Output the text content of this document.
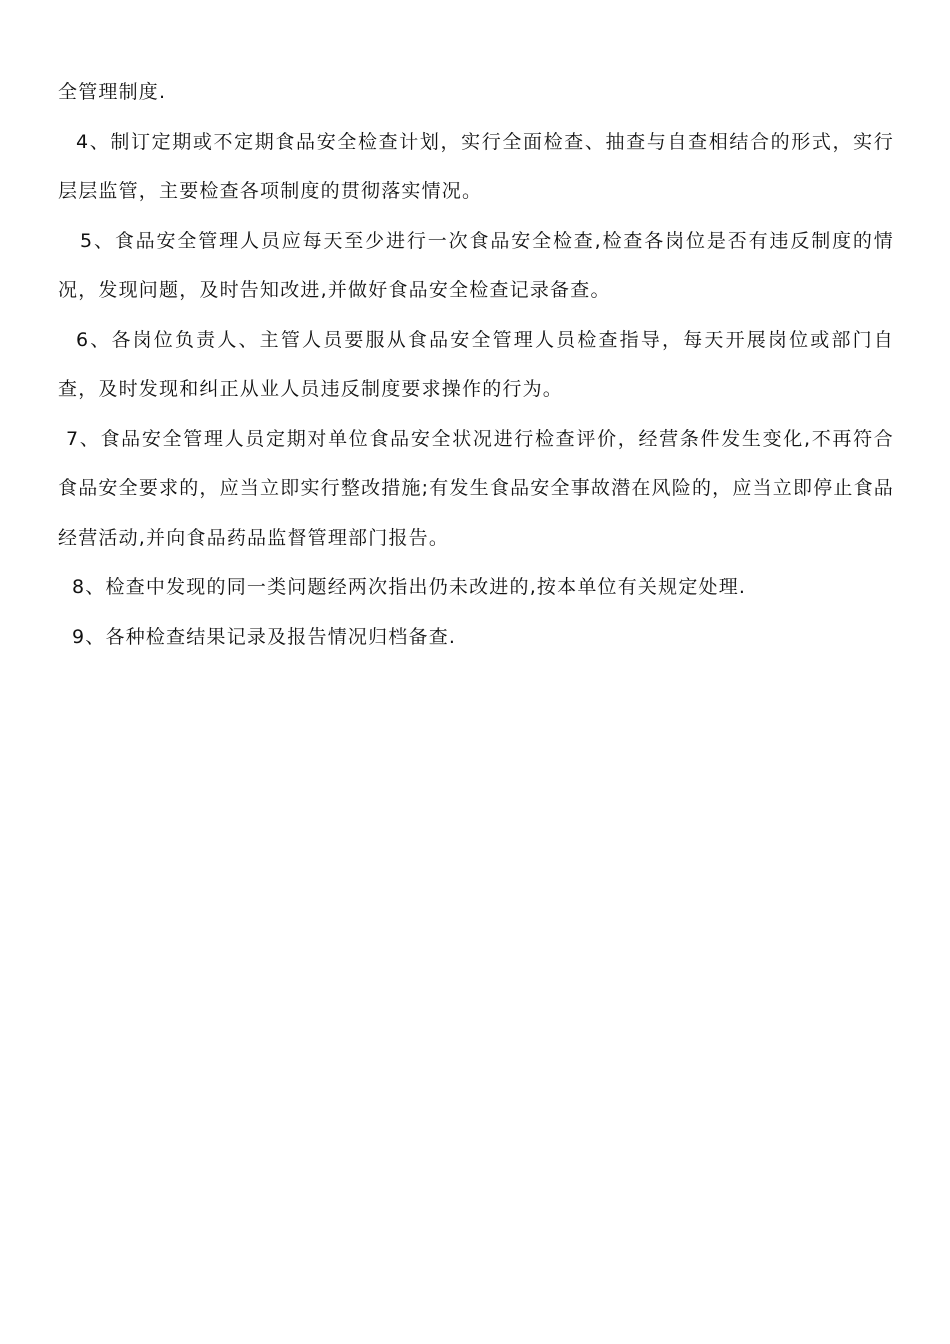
全管理制度.

4、制订定期或不定期食品安全检查计划，实行全面检查、抽查与自查相结合的形式，实行层层监管，主要检查各项制度的贯彻落实情况。

5、食品安全管理人员应每天至少进行一次食品安全检查,检查各岗位是否有违反制度的情况，发现问题，及时告知改进,并做好食品安全检查记录备查。

6、各岗位负责人、主管人员要服从食品安全管理人员检查指导，每天开展岗位或部门自查，及时发现和纠正从业人员违反制度要求操作的行为。

7、食品安全管理人员定期对单位食品安全状况进行检查评价，经营条件发生变化,不再符合食品安全要求的，应当立即实行整改措施;有发生食品安全事故潜在风险的，应当立即停止食品经营活动,并向食品药品监督管理部门报告。

8、检查中发现的同一类问题经两次指出仍未改进的,按本单位有关规定处理.

9、各种检查结果记录及报告情况归档备查.
